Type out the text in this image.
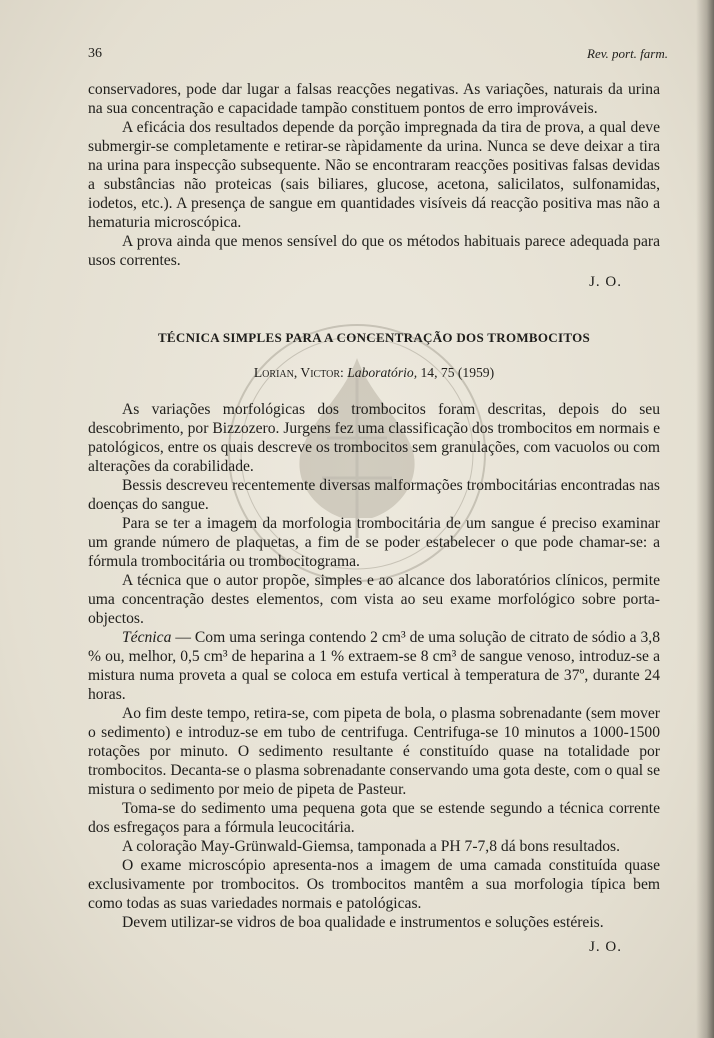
36	Rev. port. farm.

conservadores, pode dar lugar a falsas reacções negativas. As variações, naturais da urina na sua concentração e capacidade tampão constituem pontos de erro improváveis.

A eficácia dos resultados depende da porção impregnada da tira de prova, a qual deve submergir-se completamente e retirar-se ràpidamente da urina. Nunca se deve deixar a tira na urina para inspecção subsequente. Não se encontraram reacções positivas falsas devidas a substâncias não proteicas (sais biliares, glucose, acetona, salicilatos, sulfonamidas, iodetos, etc.). A presença de sangue em quantidades visíveis dá reacção positiva mas não a hematuria microscópica.

A prova ainda que menos sensível do que os métodos habituais parece adequada para usos correntes.

J. O.
TÉCNICA SIMPLES PARA A CONCENTRAÇÃO DOS TROMBOCITOS
Lorian, Victor: Laboratório, 14, 75 (1959)

As variações morfológicas dos trombocitos foram descritas, depois do seu descobrimento, por Bizzozero. Jurgens fez uma classificação dos trombocitos em normais e patológicos, entre os quais descreve os trombocitos sem granulações, com vacuolos ou com alterações da corabilidade.

Bessis descreveu recentemente diversas malformações trombocitárias encontradas nas doenças do sangue.

Para se ter a imagem da morfologia trombocitária de um sangue é preciso examinar um grande número de plaquetas, a fim de se poder estabelecer o que pode chamar-se: a fórmula trombocitária ou trombocitograma.

A técnica que o autor propõe, simples e ao alcance dos laboratórios clínicos, permite uma concentração destes elementos, com vista ao seu exame morfológico sobre porta-objectos.

Técnica — Com uma seringa contendo 2 cm³ de uma solução de citrato de sódio a 3,8 % ou, melhor, 0,5 cm³ de heparina a 1 % extraem-se 8 cm³ de sangue venoso, introduz-se a mistura numa proveta a qual se coloca em estufa vertical à temperatura de 37º, durante 24 horas.

Ao fim deste tempo, retira-se, com pipeta de bola, o plasma sobrenadante (sem mover o sedimento) e introduz-se em tubo de centrifuga. Centrifuga-se 10 minutos a 1000-1500 rotações por minuto. O sedimento resultante é constituído quase na totalidade por trombocitos. Decanta-se o plasma sobrenadante conservando uma gota deste, com o qual se mistura o sedimento por meio de pipeta de Pasteur.

Toma-se do sedimento uma pequena gota que se estende segundo a técnica corrente dos esfregaços para a fórmula leucocitária.

A coloração May-Grünwald-Giemsa, tamponada a PH 7-7,8 dá bons resultados.

O exame microscópio apresenta-nos a imagem de uma camada constituída quase exclusivamente por trombocitos. Os trombocitos mantêm a sua morfologia típica bem como todas as suas variedades normais e patológicas.

Devem utilizar-se vidros de boa qualidade e instrumentos e soluções estéreis.

J. O.
